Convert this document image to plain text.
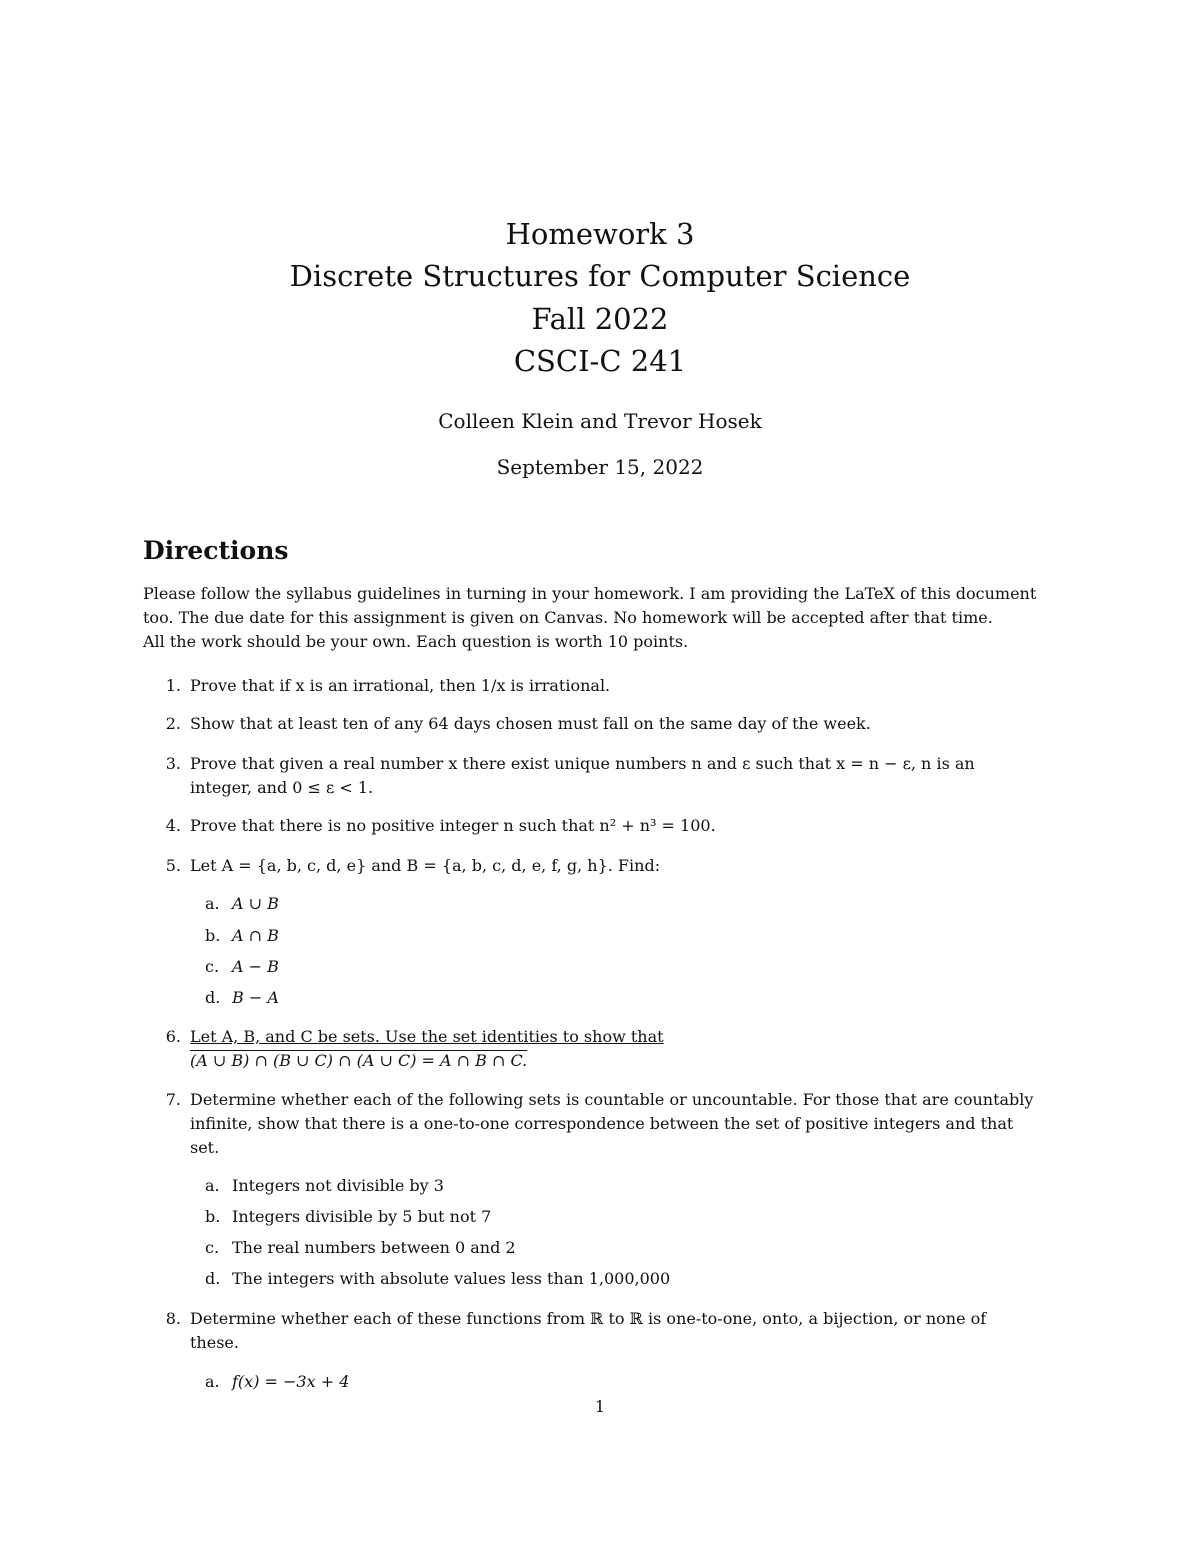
Homework 3
Discrete Structures for Computer Science
Fall 2022
CSCI-C 241
Colleen Klein and Trevor Hosek
September 15, 2022
Directions
Please follow the syllabus guidelines in turning in your homework. I am providing the LaTeX of this document
too. The due date for this assignment is given on Canvas. No homework will be accepted after that time.
All the work should be your own. Each question is worth 10 points.
1. Prove that if x is an irrational, then 1/x is irrational.
2. Show that at least ten of any 64 days chosen must fall on the same day of the week.
3. Prove that given a real number x there exist unique numbers n and ε such that x = n − ε, n is an
integer, and 0 ≤ ε < 1.
4. Prove that there is no positive integer n such that n² + n³ = 100.
5. Let A = {a, b, c, d, e} and B = {a, b, c, d, e, f, g, h}. Find:
a. A ∪ B
b. A ∩ B
c. A − B
d. B − A
6. Let A, B, and C be sets. Use the set identities to show that
(A ∪ B) ∩ (B ∪ C) ∩ (A ∪ C) = A ∩ B ∩ C.
7. Determine whether each of the following sets is countable or uncountable. For those that are countably
infinite, show that there is a one-to-one correspondence between the set of positive integers and that
set.
a. Integers not divisible by 3
b. Integers divisible by 5 but not 7
c. The real numbers between 0 and 2
d. The integers with absolute values less than 1,000,000
8. Determine whether each of these functions from ℝ to ℝ is one-to-one, onto, a bijection, or none of
these.
a. f(x) = −3x + 4
1
